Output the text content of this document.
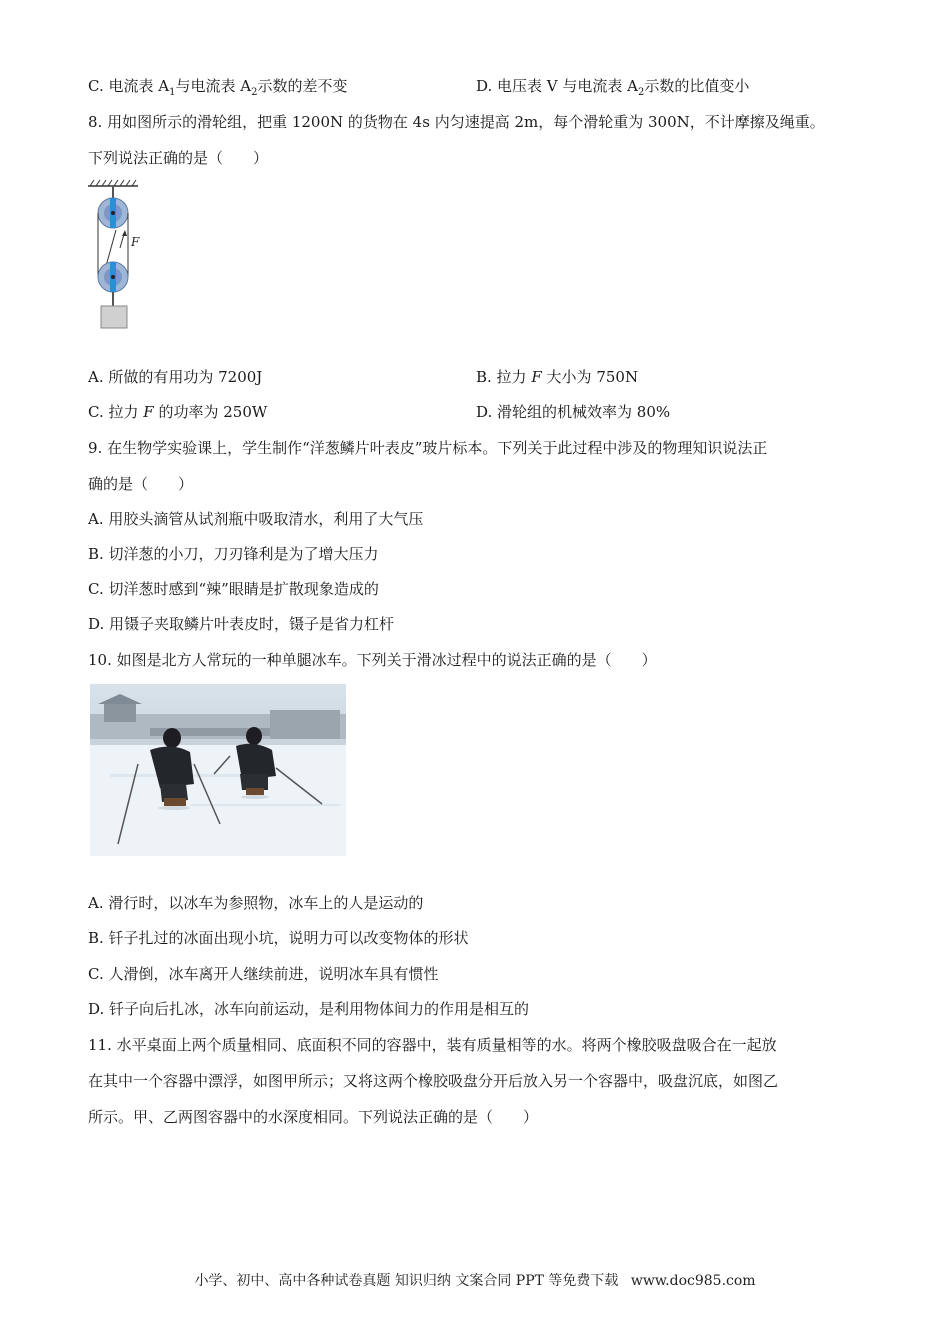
C. 电流表 $A_1$与电流表 $A_2$示数的差不变	D. 电压表 V 与电流表 $A_2$示数的比值变小
8. 用如图所示的滑轮组，把重 1200N 的货物在 4s 内匀速提高 2m，每个滑轮重为 300N，不计摩擦及绳重。
下列说法正确的是（　　）
F
A. 所做的有用功为 7200J	B. 拉力 F 大小为 750N
C. 拉力 F 的功率为 250W	D. 滑轮组的机械效率为 80%
9. 在生物学实验课上，学生制作“洋葱鳞片叶表皮”玻片标本。下列关于此过程中涉及的物理知识说法正
确的是（　　）
A. 用胶头滴管从试剂瓶中吸取清水，利用了大气压
B. 切洋葱的小刀，刀刃锋利是为了增大压力
C. 切洋葱时感到“辣”眼睛是扩散现象造成的
D. 用镊子夹取鳞片叶表皮时，镊子是省力杠杆
10. 如图是北方人常玩的一种单腿冰车。下列关于滑冰过程中的说法正确的是（　　）
A. 滑行时，以冰车为参照物，冰车上的人是运动的
B. 钎子扎过的冰面出现小坑，说明力可以改变物体的形状
C. 人滑倒，冰车离开人继续前进，说明冰车具有惯性
D. 钎子向后扎冰，冰车向前运动，是利用物体间力的作用是相互的
11. 水平桌面上两个质量相同、底面积不同的容器中，装有质量相等的水。将两个橡胶吸盘吸合在一起放
在其中一个容器中漂浮，如图甲所示；又将这两个橡胶吸盘分开后放入另一个容器中，吸盘沉底，如图乙
所示。甲、乙两图容器中的水深度相同。下列说法正确的是（　　）
小学、初中、高中各种试卷真题 知识归纳 文案合同 PPT 等免费下载 www.doc985.com
